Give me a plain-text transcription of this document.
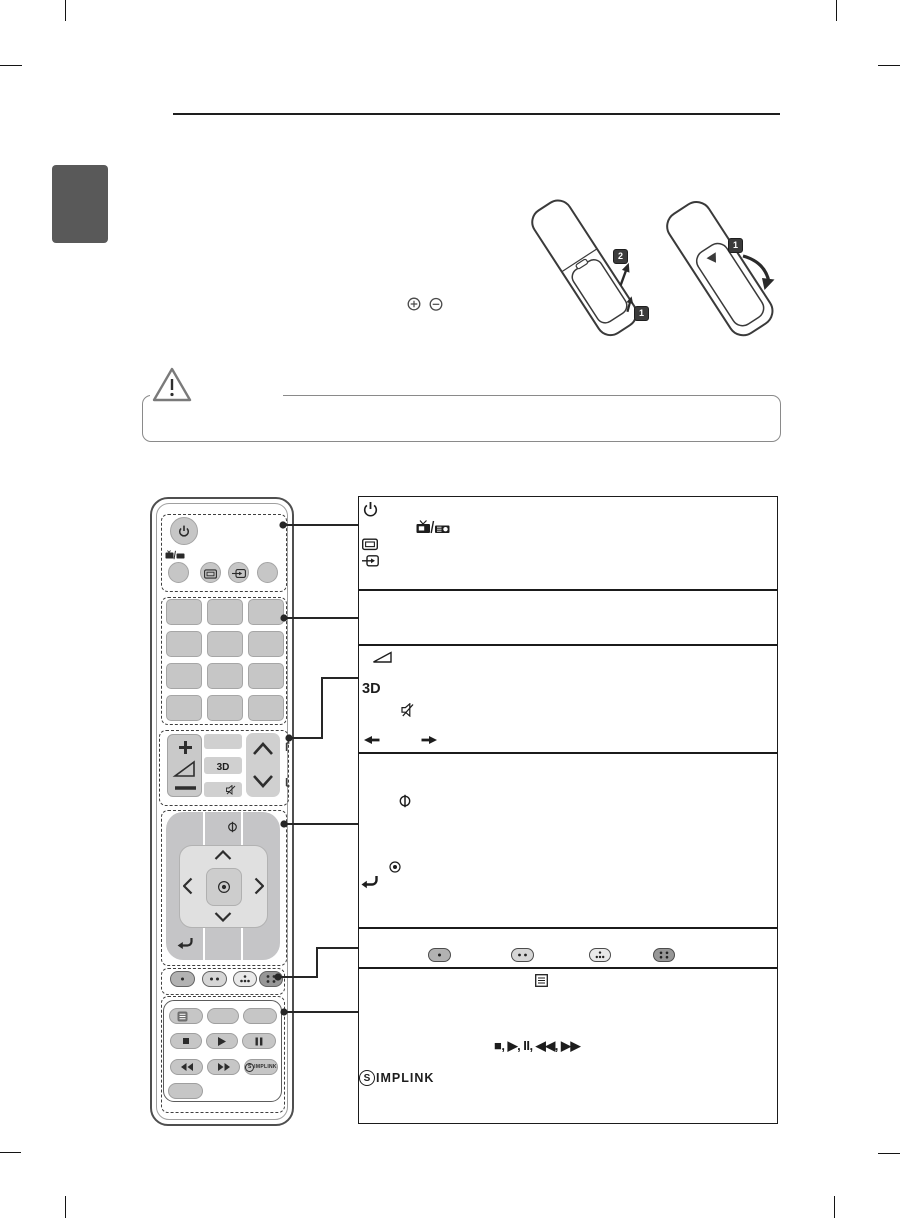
2
1
1
3D
S IMPLINK
3D
■, ▶, II, ◀◀, ▶▶
S IMPLINK
